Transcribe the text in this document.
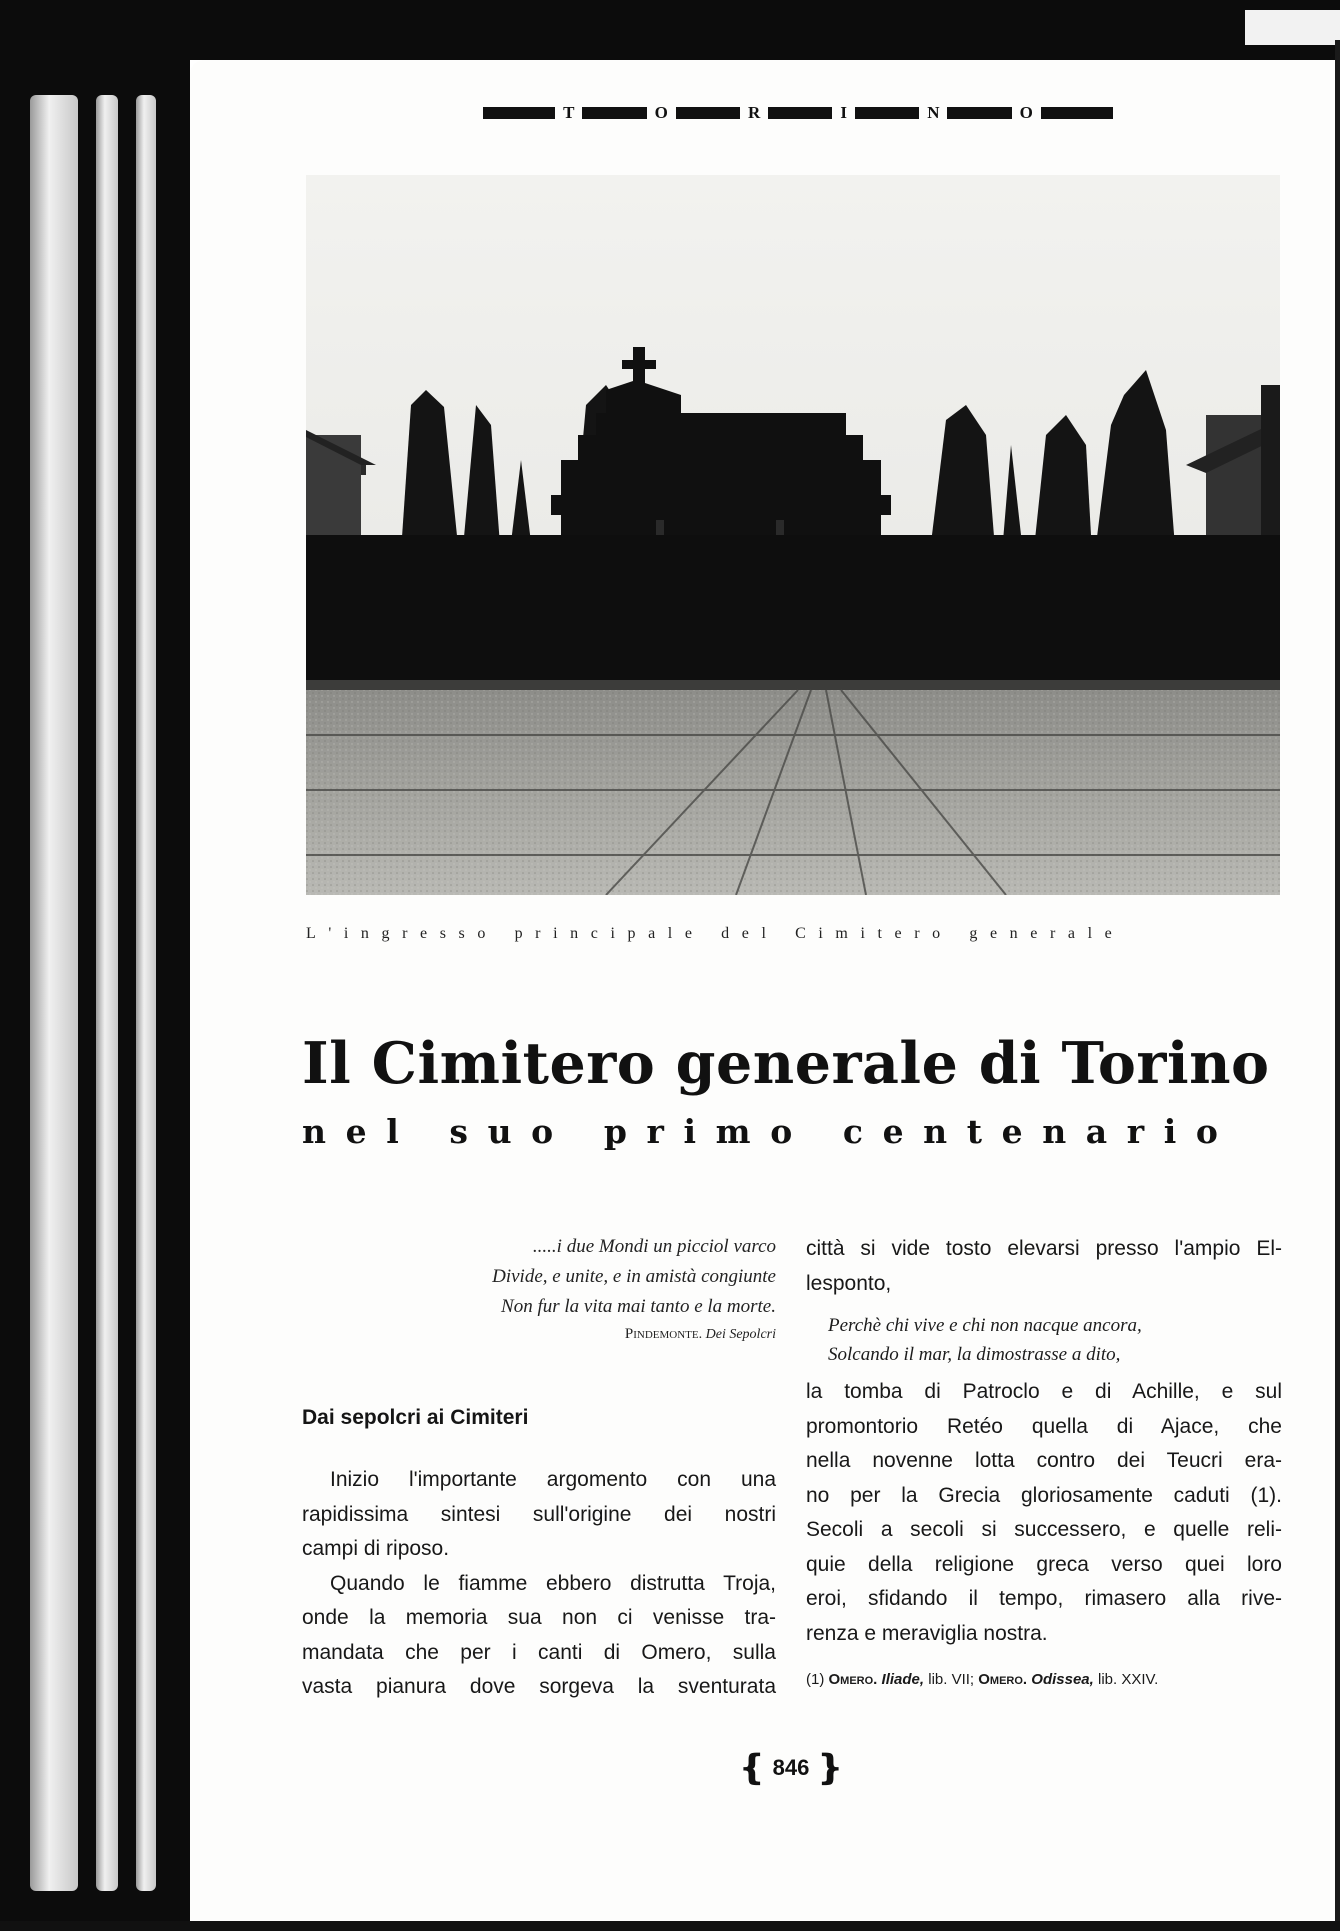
T	O	R	I	N	O
L'ingresso principale del Cimitero generale
Il Cimitero generale di Torino
nel suo primo centenario
.....i due Mondi un picciol varco
Divide, e unite, e in amistà congiunte
Non fur la vita mai tanto e la morte.
Pindemonte. Dei Sepolcri
Dai sepolcri ai Cimiteri

Inizio l'importante argomento con una
rapidissima sintesi sull'origine dei nostri
campi di riposo.

Quando le fiamme ebbero distrutta Troja,
onde la memoria sua non ci venisse tra-
mandata che per i canti di Omero, sulla
vasta pianura dove sorgeva la sventurata

città si vide tosto elevarsi presso l'ampio El-
lesponto,

Perchè chi vive e chi non nacque ancora,
Solcando il mar, la dimostrasse a dito,

la tomba di Patroclo e di Achille, e sul
promontorio Retéo quella di Ajace, che
nella novenne lotta contro dei Teucri era-
no per la Grecia gloriosamente caduti (1).
Secoli a secoli si successero, e quelle reli-
quie della religione greca verso quei loro
eroi, sfidando il tempo, rimasero alla rive-
renza e meraviglia nostra.

(1) Omero. Iliade, lib. VII; Omero. Odissea, lib. XXIV.
❴ 846 ❵
